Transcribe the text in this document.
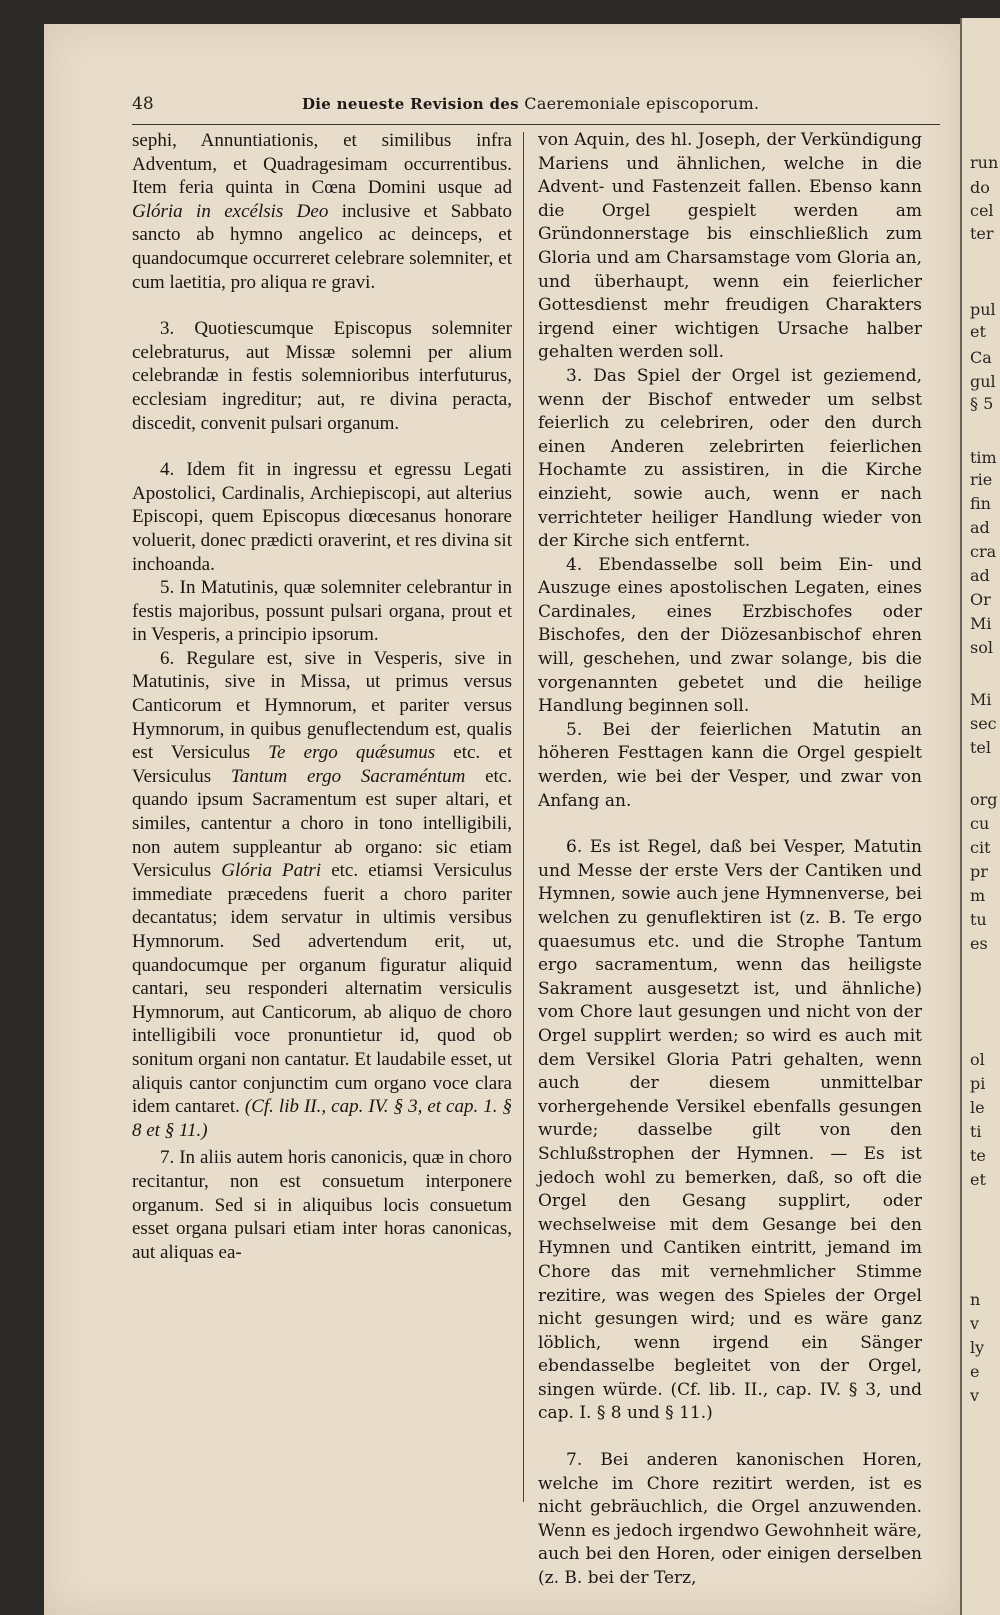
run
do
cel
ter
pul
et
Ca
gul
§ 5
tim
rie
fin
ad
cra
ad
Or
Mi
sol
Mi
sec
tel
org
cu
cit
pr
m
tu
es
ol
pi
le
ti
te
et
n
v
ly
e
v
48	Die neueste Revision des Caeremoniale episcoporum.

sephi, Annuntiationis, et similibus infra Adventum, et Quadragesimam occurrentibus. Item feria quinta in Cœna Domini usque ad Glória in excélsis Deo inclusive et Sabbato sancto ab hymno angelico ac deinceps, et quandocumque occurreret celebrare solemniter, et cum laetitia, pro aliqua re gravi.

3. Quotiescumque Episcopus solemniter celebraturus, aut Missæ solemni per alium celebrandæ in festis solemnioribus interfuturus, ecclesiam ingreditur; aut, re divina peracta, discedit, convenit pulsari organum.

4. Idem fit in ingressu et egressu Legati Apostolici, Cardinalis, Archiepiscopi, aut alterius Episcopi, quem Episcopus diœcesanus honorare voluerit, donec prædicti oraverint, et res divina sit inchoanda.

5. In Matutinis, quæ solemniter celebrantur in festis majoribus, possunt pulsari organa, prout et in Vesperis, a principio ipsorum.

6. Regulare est, sive in Vesperis, sive in Matutinis, sive in Missa, ut primus versus Canticorum et Hymnorum, et pariter versus Hymnorum, in quibus genuflectendum est, qualis est Versiculus Te ergo quǽsumus etc. et Versiculus Tantum ergo Sacraméntum etc. quando ipsum Sacramentum est super altari, et similes, cantentur a choro in tono intelligibili, non autem suppleantur ab organo: sic etiam Versiculus Glória Patri etc. etiamsi Versiculus immediate præcedens fuerit a choro pariter decantatus; idem servatur in ultimis versibus Hymnorum. Sed advertendum erit, ut, quandocumque per organum figuratur aliquid cantari, seu responderi alternatim versiculis Hymnorum, aut Canticorum, ab aliquo de choro intelligibili voce pronuntietur id, quod ob sonitum organi non cantatur. Et laudabile esset, ut aliquis cantor conjunctim cum organo voce clara idem cantaret. (Cf. lib II., cap. IV. § 3, et cap. 1. § 8 et § 11.)

7. In aliis autem horis canonicis, quæ in choro recitantur, non est consuetum interponere organum. Sed si in aliquibus locis consuetum esset organa pulsari etiam inter horas canonicas, aut aliquas ea-

von Aquin, des hl. Joseph, der Verkündigung Mariens und ähnlichen, welche in die Advent- und Fastenzeit fallen. Ebenso kann die Orgel gespielt werden am Gründonnerstage bis einschließlich zum Gloria und am Charsamstage vom Gloria an, und überhaupt, wenn ein feierlicher Gottesdienst mehr freudigen Charakters irgend einer wichtigen Ursache halber gehalten werden soll.

3. Das Spiel der Orgel ist geziemend, wenn der Bischof entweder um selbst feierlich zu celebriren, oder den durch einen Anderen zelebrirten feierlichen Hochamte zu assistiren, in die Kirche einzieht, sowie auch, wenn er nach verrichteter heiliger Handlung wieder von der Kirche sich entfernt.

4. Ebendasselbe soll beim Ein- und Auszuge eines apostolischen Legaten, eines Cardinales, eines Erzbischofes oder Bischofes, den der Diözesanbischof ehren will, geschehen, und zwar solange, bis die vorgenannten gebetet und die heilige Handlung beginnen soll.

5. Bei der feierlichen Matutin an höheren Festtagen kann die Orgel gespielt werden, wie bei der Vesper, und zwar von Anfang an.

6. Es ist Regel, daß bei Vesper, Matutin und Messe der erste Vers der Cantiken und Hymnen, sowie auch jene Hymnenverse, bei welchen zu genuflektiren ist (z. B. Te ergo quaesumus etc. und die Strophe Tantum ergo sacramentum, wenn das heiligste Sakrament ausgesetzt ist, und ähnliche) vom Chore laut gesungen und nicht von der Orgel supplirt werden; so wird es auch mit dem Versikel Gloria Patri gehalten, wenn auch der diesem unmittelbar vorhergehende Versikel ebenfalls gesungen wurde; dasselbe gilt von den Schlußstrophen der Hymnen. — Es ist jedoch wohl zu bemerken, daß, so oft die Orgel den Gesang supplirt, oder wechselweise mit dem Gesange bei den Hymnen und Cantiken eintritt, jemand im Chore das mit vernehmlicher Stimme rezitire, was wegen des Spieles der Orgel nicht gesungen wird; und es wäre ganz löblich, wenn irgend ein Sänger ebendasselbe begleitet von der Orgel, singen würde. (Cf. lib. II., cap. IV. § 3, und cap. I. § 8 und § 11.)

7. Bei anderen kanonischen Horen, welche im Chore rezitirt werden, ist es nicht gebräuchlich, die Orgel anzuwenden. Wenn es jedoch irgendwo Gewohnheit wäre, auch bei den Horen, oder einigen derselben (z. B. bei der Terz,
